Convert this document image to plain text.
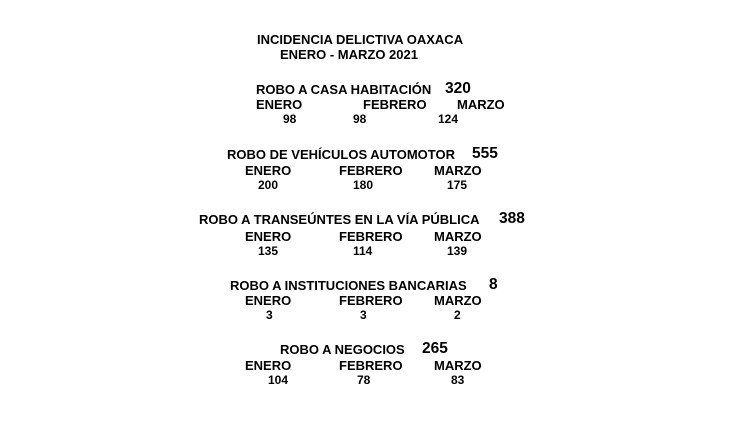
INCIDENCIA DELICTIVA OAXACA
ENERO - MARZO 2021
ROBO A CASA HABITACIÓN 320
ENERO	FEBRERO MARZO
98	98	124
ROBO DE VEHÍCULOS AUTOMOTOR 555
ENERO	FEBRERO MARZO
200	180	175
ROBO A TRANSEÚNTES EN LA VÍA PÚBLICA 388
ENERO	FEBRERO MARZO
135	114	139
ROBO A INSTITUCIONES BANCARIAS 8
ENERO	FEBRERO MARZO
3	3	2
ROBO A NEGOCIOS 265
ENERO	FEBRERO MARZO
104	78	83
